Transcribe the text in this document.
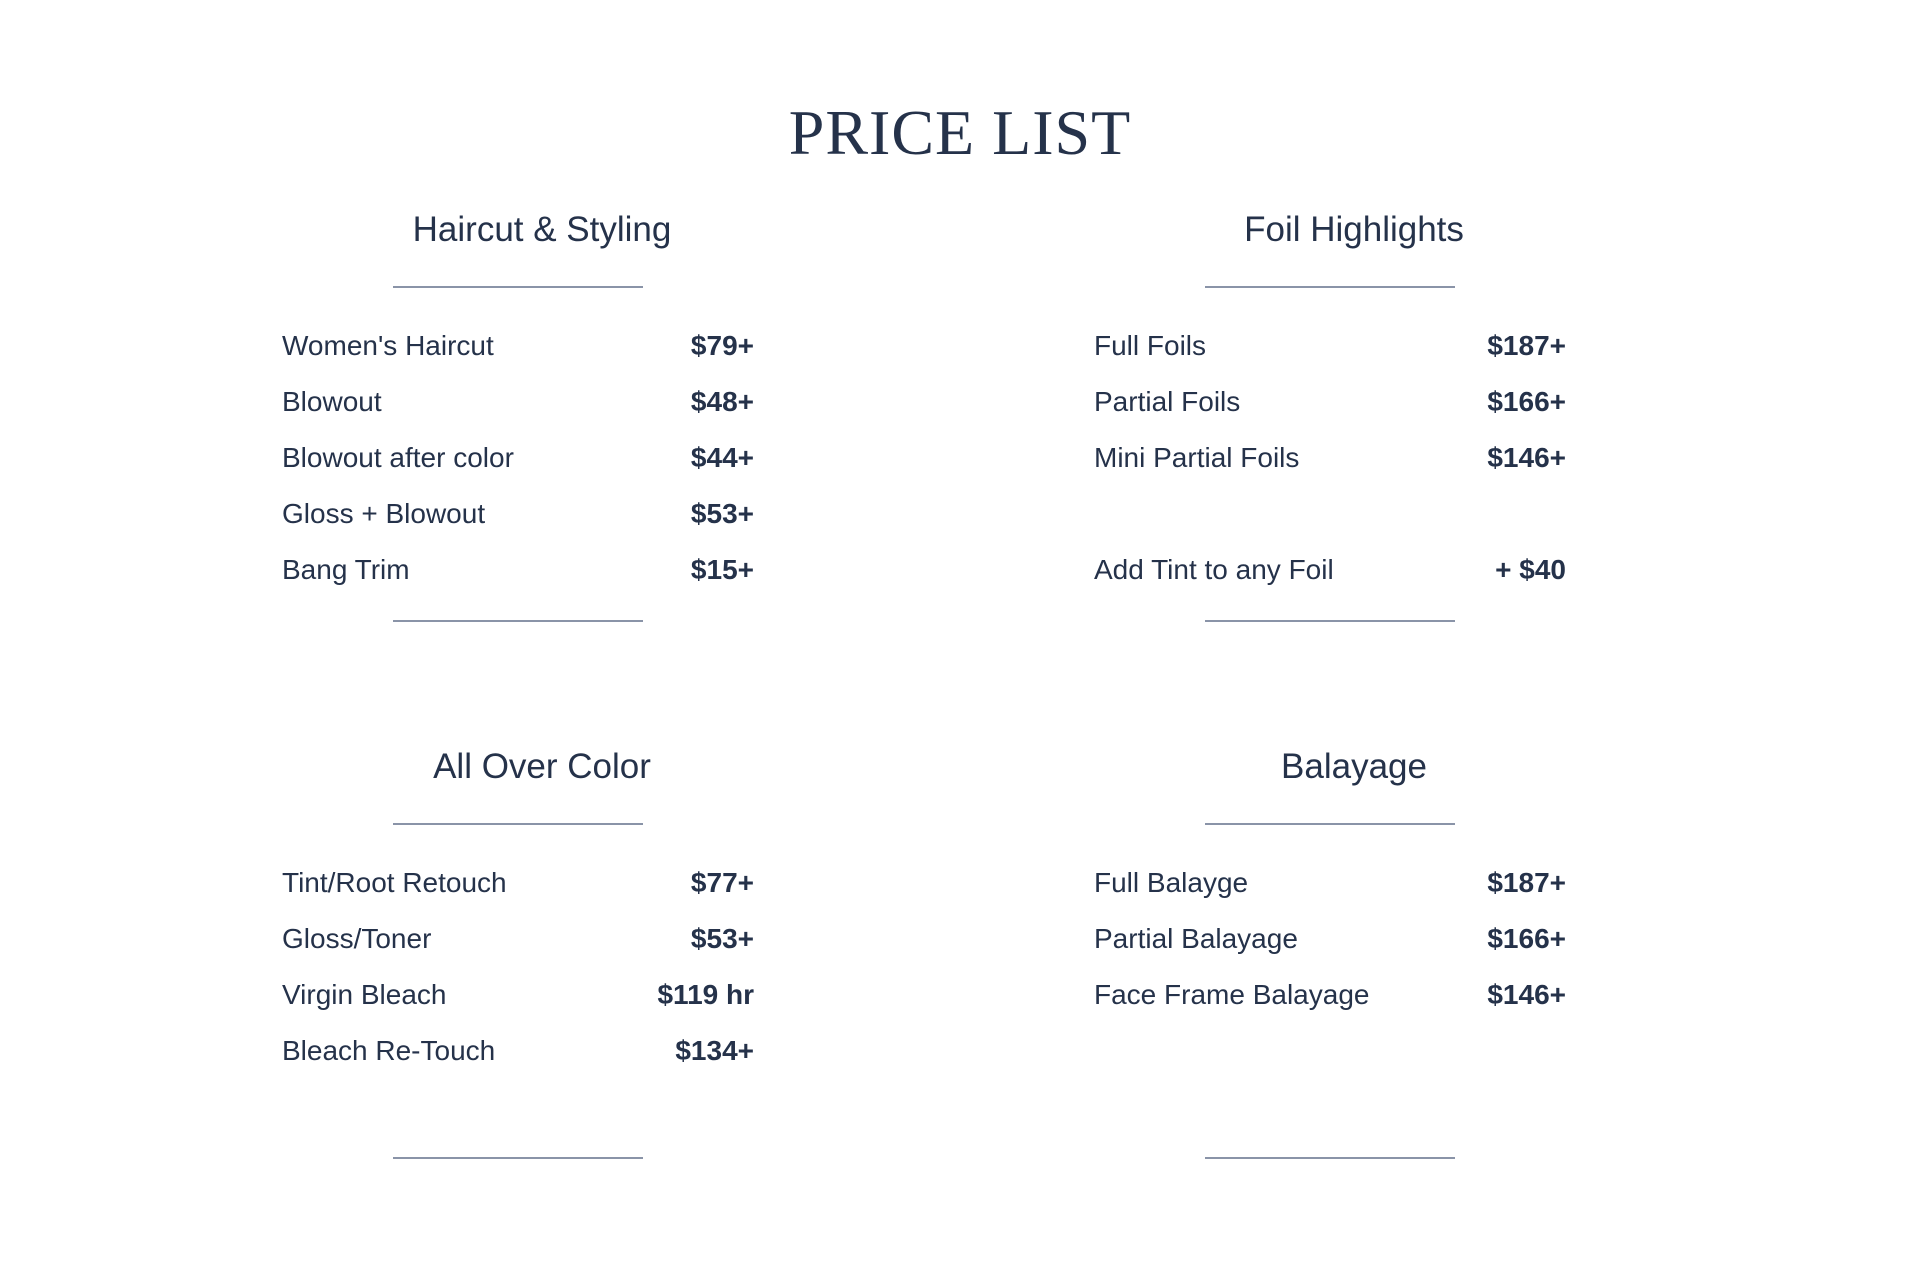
PRICE LIST
Haircut & Styling
Women's Haircut	$79+
Blowout	$48+
Blowout after color	$44+
Gloss + Blowout	$53+
Bang Trim	$15+
Foil Highlights
Full Foils	$187+
Partial Foils	$166+
Mini Partial Foils	$146+
Add Tint to any Foil	+ $40
All Over Color
Tint/Root Retouch	$77+
Gloss/Toner	$53+
Virgin Bleach	$119 hr
Bleach Re-Touch	$134+
Balayage
Full Balayge	$187+
Partial Balayage	$166+
Face Frame Balayage	$146+
